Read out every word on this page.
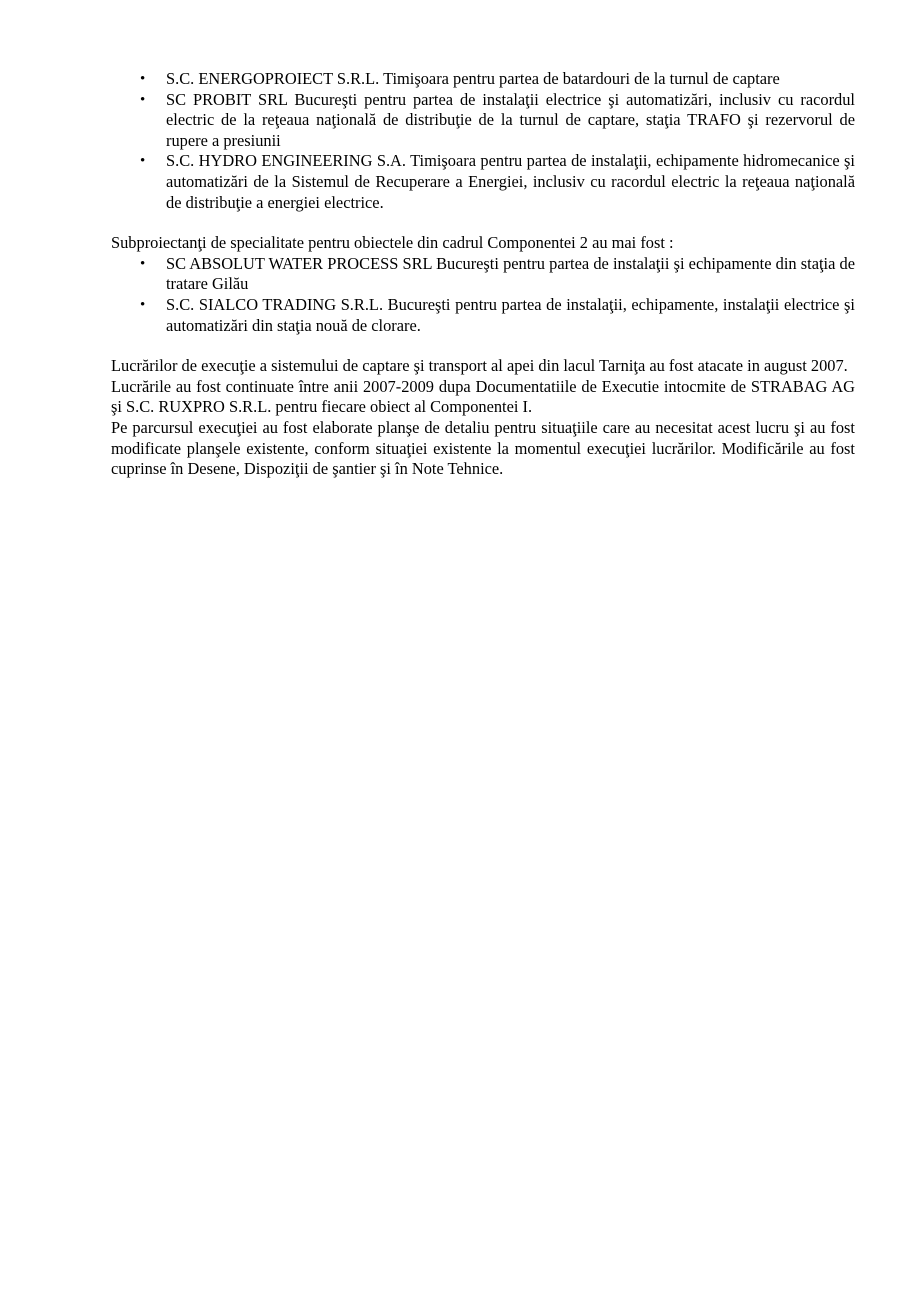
• S.C. ENERGOPROIECT S.R.L. Timişoara pentru partea de batardouri de la turnul de captare
• SC PROBIT SRL Bucureşti pentru partea de instalaţii electrice şi automatizări, inclusiv cu racordul electric de la reţeaua naţională de distribuţie de la turnul de captare, staţia TRAFO şi rezervorul de rupere a presiunii
• S.C. HYDRO ENGINEERING S.A. Timişoara pentru partea de instalaţii, echipamente hidromecanice şi automatizări de la Sistemul de Recuperare a Energiei, inclusiv cu racordul electric la reţeaua naţională de distribuţie a energiei electrice.

Subproiectanţi de specialitate pentru obiectele din cadrul Componentei 2 au mai fost :

• SC ABSOLUT WATER PROCESS SRL Bucureşti pentru partea de instalaţii şi echipamente din staţia de tratare Gilău
• S.C. SIALCO TRADING S.R.L. Bucureşti pentru partea de instalaţii, echipamente, instalaţii electrice şi automatizări din staţia nouă de clorare.

Lucrărilor de execuţie a sistemului de captare şi transport al apei din lacul Tarniţa au fost atacate in august 2007.

Lucrările au fost continuate între anii 2007-2009 dupa Documentatiile de Executie intocmite de STRABAG AG şi S.C. RUXPRO S.R.L. pentru fiecare obiect al Componentei I.

Pe parcursul execuţiei au fost elaborate planşe de detaliu pentru situaţiile care au necesitat acest lucru şi au fost modificate planşele existente, conform situaţiei existente la momentul execuţiei lucrărilor. Modificările au fost cuprinse în Desene, Dispoziţii de şantier şi în Note Tehnice.
